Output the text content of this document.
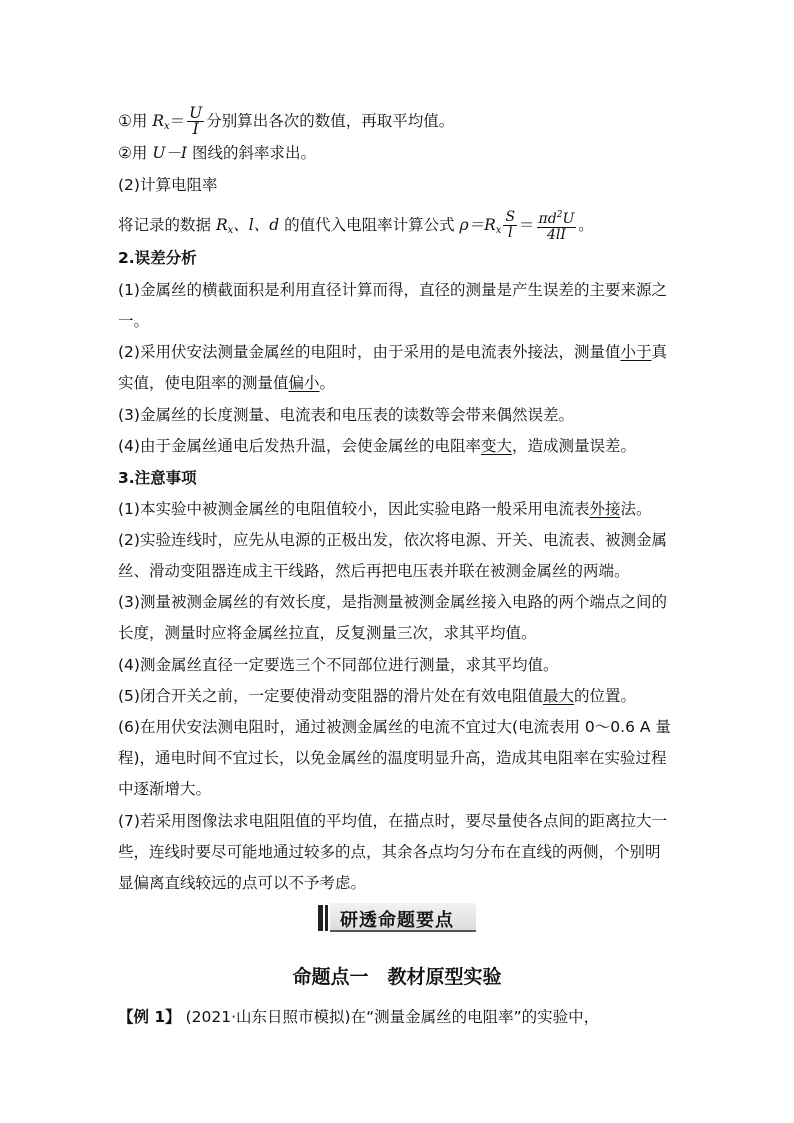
①用 $R_x= \frac{U}{I}$ 分别算出各次的数值，再取平均值。
②用 U－I 图线的斜率求出。
(2)计算电阻率
将记录的数据 $R_x$、l、d 的值代入电阻率计算公式 $\rho=R_x \frac{S}{l} = \frac{\pi d^2U}{4lI}$ 。
2.误差分析
(1)金属丝的横截面积是利用直径计算而得，直径的测量是产生误差的主要来源之
一。
(2)采用伏安法测量金属丝的电阻时，由于采用的是电流表外接法，测量值小于真
实值，使电阻率的测量值偏小。
(3)金属丝的长度测量、电流表和电压表的读数等会带来偶然误差。
(4)由于金属丝通电后发热升温，会使金属丝的电阻率变大，造成测量误差。
3.注意事项
(1)本实验中被测金属丝的电阻值较小，因此实验电路一般采用电流表外接法。
(2)实验连线时，应先从电源的正极出发，依次将电源、开关、电流表、被测金属
丝、滑动变阻器连成主干线路，然后再把电压表并联在被测金属丝的两端。
(3)测量被测金属丝的有效长度，是指测量被测金属丝接入电路的两个端点之间的
长度，测量时应将金属丝拉直，反复测量三次，求其平均值。
(4)测金属丝直径一定要选三个不同部位进行测量，求其平均值。
(5)闭合开关之前，一定要使滑动变阻器的滑片处在有效电阻值最大的位置。
(6)在用伏安法测电阻时，通过被测金属丝的电流不宜过大(电流表用 0～0.6 A 量
程)，通电时间不宜过长，以免金属丝的温度明显升高，造成其电阻率在实验过程
中逐渐增大。
(7)若采用图像法求电阻阻值的平均值，在描点时，要尽量使各点间的距离拉大一
些，连线时要尽可能地通过较多的点，其余各点均匀分布在直线的两侧，个别明
显偏离直线较远的点可以不予考虑。
研透命题要点
命题点一　教材原型实验
【例 1】 (2021·山东日照市模拟)在“测量金属丝的电阻率”的实验中，
